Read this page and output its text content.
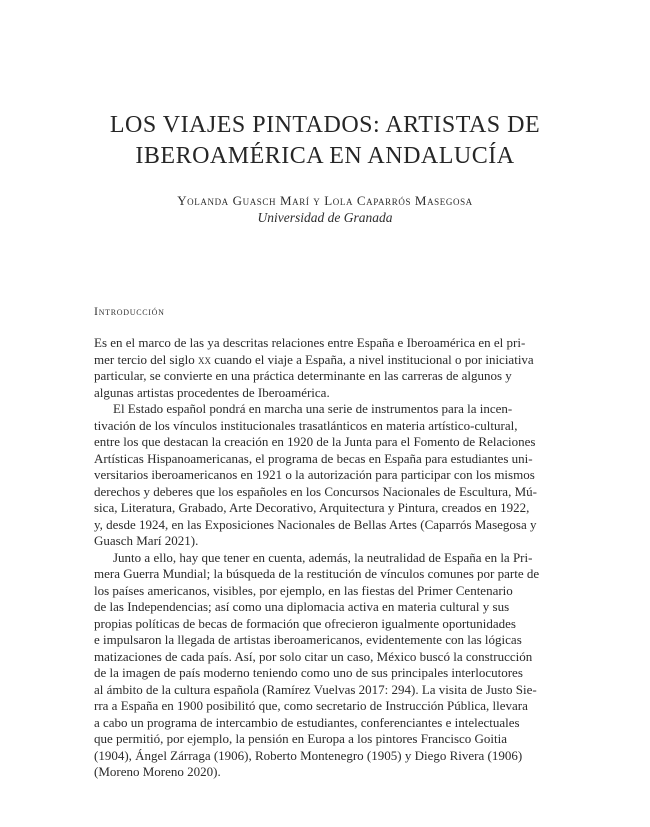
LOS VIAJES PINTADOS: ARTISTAS DE
IBEROAMÉRICA EN ANDALUCÍA
Yolanda Guasch Marí y Lola Caparrós Masegosa
Universidad de Granada
Introducción
Es en el marco de las ya descritas relaciones entre España e Iberoamérica en el pri-
mer tercio del siglo xx cuando el viaje a España, a nivel institucional o por iniciativa
particular, se convierte en una práctica determinante en las carreras de algunos y
algunas artistas procedentes de Iberoamérica.
El Estado español pondrá en marcha una serie de instrumentos para la incen-
tivación de los vínculos institucionales trasatlánticos en materia artístico-cultural,
entre los que destacan la creación en 1920 de la Junta para el Fomento de Relaciones
Artísticas Hispanoamericanas, el programa de becas en España para estudiantes uni-
versitarios iberoamericanos en 1921 o la autorización para participar con los mismos
derechos y deberes que los españoles en los Concursos Nacionales de Escultura, Mú-
sica, Literatura, Grabado, Arte Decorativo, Arquitectura y Pintura, creados en 1922,
y, desde 1924, en las Exposiciones Nacionales de Bellas Artes (Caparrós Masegosa y
Guasch Marí 2021).
Junto a ello, hay que tener en cuenta, además, la neutralidad de España en la Pri-
mera Guerra Mundial; la búsqueda de la restitución de vínculos comunes por parte de
los países americanos, visibles, por ejemplo, en las fiestas del Primer Centenario
de las Independencias; así como una diplomacia activa en materia cultural y sus
propias políticas de becas de formación que ofrecieron igualmente oportunidades
e impulsaron la llegada de artistas iberoamericanos, evidentemente con las lógicas
matizaciones de cada país. Así, por solo citar un caso, México buscó la construcción
de la imagen de país moderno teniendo como uno de sus principales interlocutores
al ámbito de la cultura española (Ramírez Vuelvas 2017: 294). La visita de Justo Sie-
rra a España en 1900 posibilitó que, como secretario de Instrucción Pública, llevara
a cabo un programa de intercambio de estudiantes, conferenciantes e intelectuales
que permitió, por ejemplo, la pensión en Europa a los pintores Francisco Goitia
(1904), Ángel Zárraga (1906), Roberto Montenegro (1905) y Diego Rivera (1906)
(Moreno Moreno 2020).
